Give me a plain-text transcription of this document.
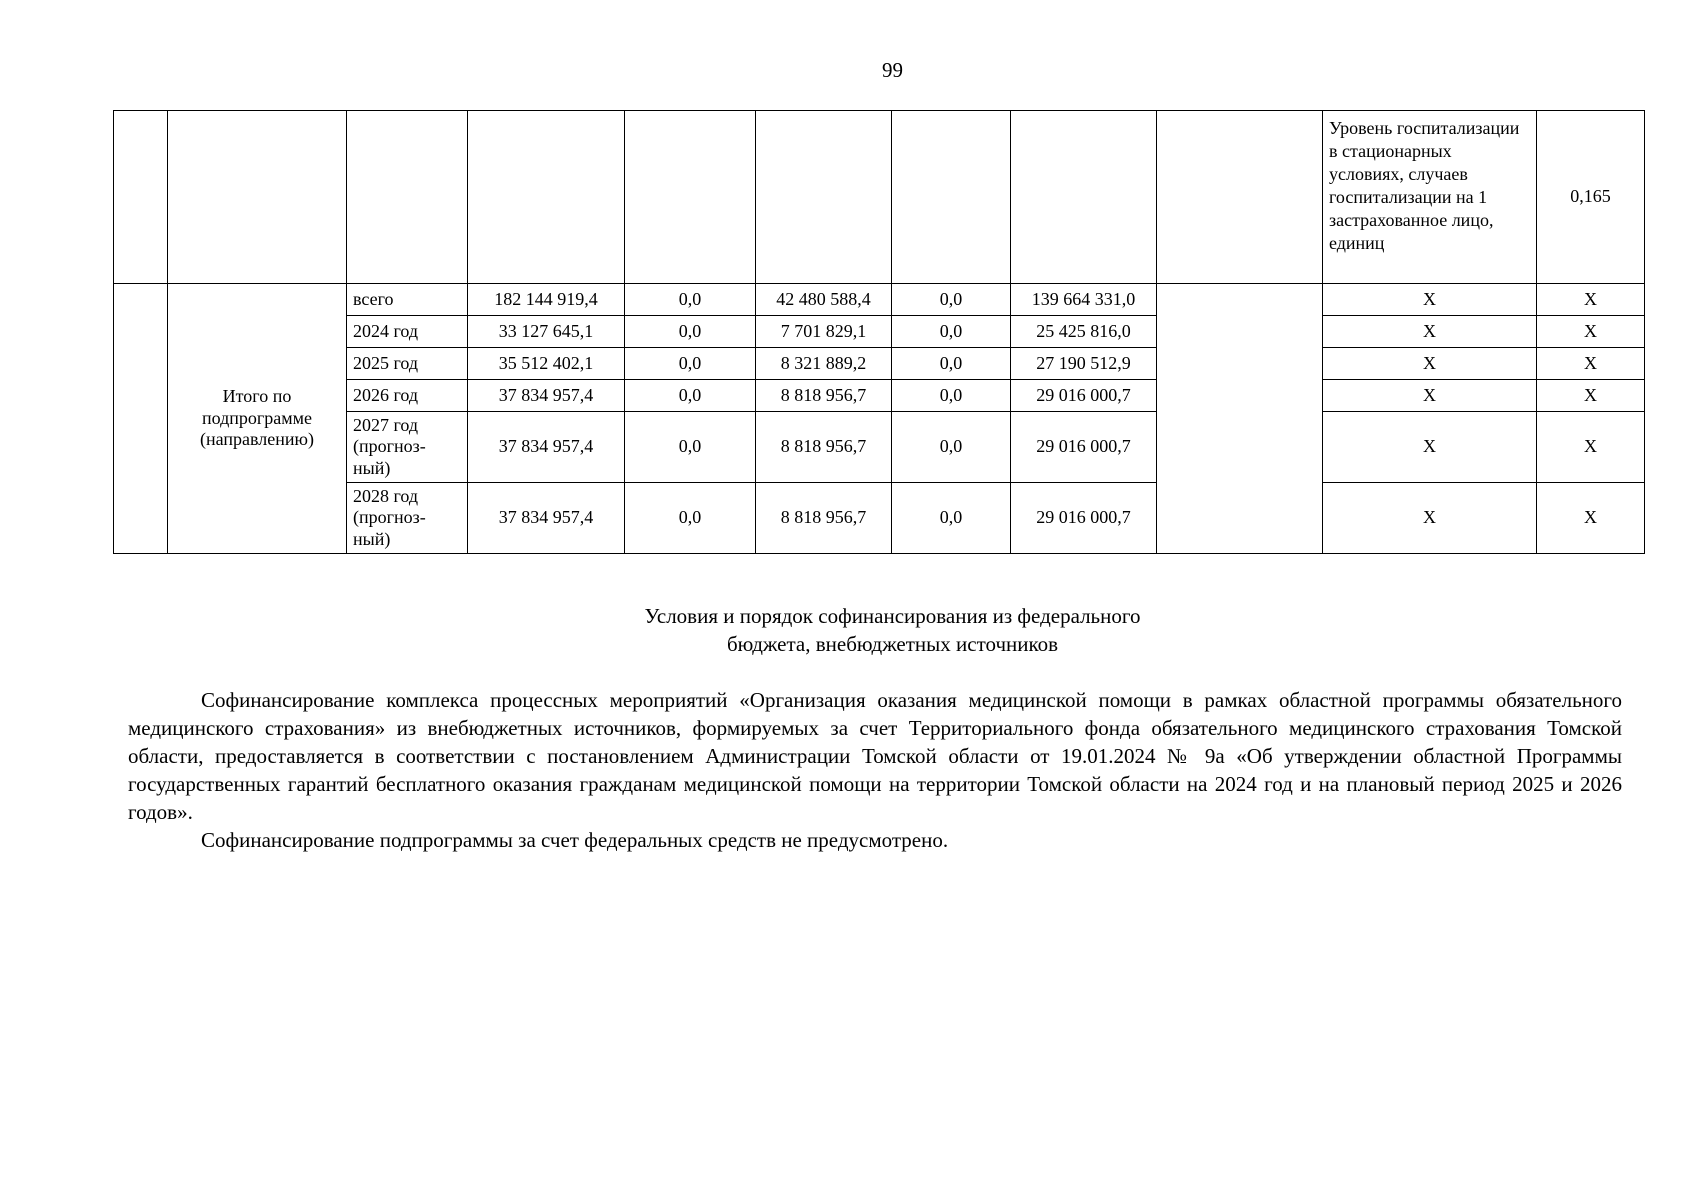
99
									Уровень госпитализации в стационарных условиях, случаев госпитализации на 1 застрахованное лицо, единиц	0,165
	Итого по подпрограмме (направлению)	всего	182 144 919,4	0,0	42 480 588,4	0,0	139 664 331,0		X	X
		2024 год	33 127 645,1	0,0	7 701 829,1	0,0	25 425 816,0		X	X
		2025 год	35 512 402,1	0,0	8 321 889,2	0,0	27 190 512,9		X	X
		2026 год	37 834 957,4	0,0	8 818 956,7	0,0	29 016 000,7		X	X
		2027 год (прогноз-ный)	37 834 957,4	0,0	8 818 956,7	0,0	29 016 000,7		X	X
		2028 год (прогноз-ный)	37 834 957,4	0,0	8 818 956,7	0,0	29 016 000,7		X	X
Условия и порядок софинансирования из федерального
бюджета, внебюджетных источников

Софинансирование комплекса процессных мероприятий «Организация оказания медицинской помощи в рамках областной программы обязательного медицинского страхования» из внебюджетных источников, формируемых за счет Территориального фонда обязательного медицинского страхования Томской области, предоставляется в соответствии с постановлением Администрации Томской области от 19.01.2024 № 9а «Об утверждении областной Программы государственных гарантий бесплатного оказания гражданам медицинской помощи на территории Томской области на 2024 год и на плановый период 2025 и 2026 годов».

Софинансирование подпрограммы за счет федеральных средств не предусмотрено.
